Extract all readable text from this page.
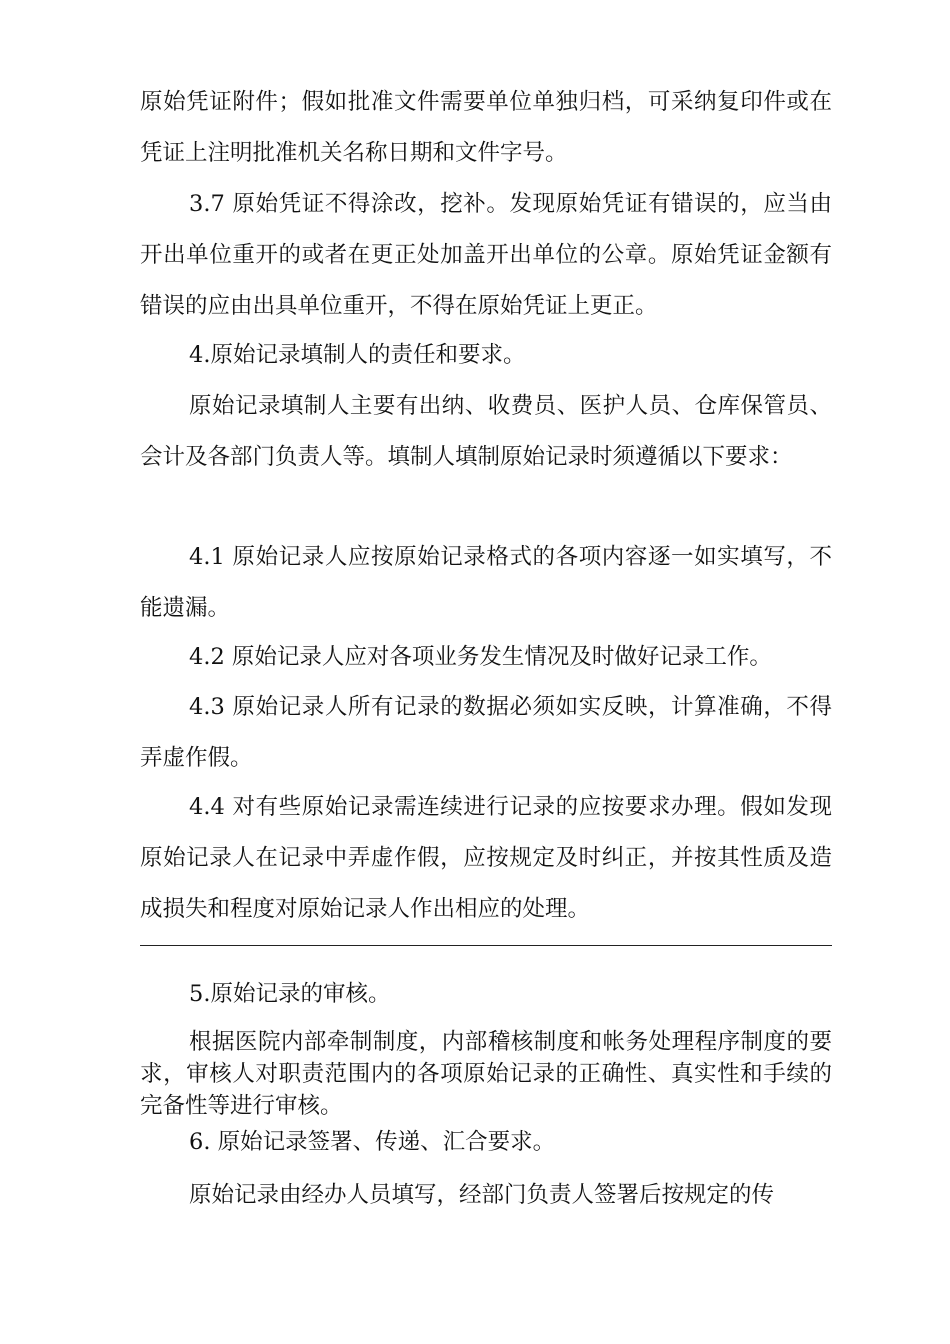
原始凭证附件；假如批准文件需要单位单独归档，可采纳复印件或在凭证上注明批准机关名称日期和文件字号。

3.7 原始凭证不得涂改，挖补。发现原始凭证有错误的，应当由开出单位重开的或者在更正处加盖开出单位的公章。原始凭证金额有错误的应由出具单位重开，不得在原始凭证上更正。

4.原始记录填制人的责任和要求。

原始记录填制人主要有出纳、收费员、医护人员、仓库保管员、会计及各部门负责人等。填制人填制原始记录时须遵循以下要求：

4.1 原始记录人应按原始记录格式的各项内容逐一如实填写，不能遗漏。

4.2 原始记录人应对各项业务发生情况及时做好记录工作。

4.3 原始记录人所有记录的数据必须如实反映，计算准确，不得弄虚作假。

4.4 对有些原始记录需连续进行记录的应按要求办理。假如发现原始记录人在记录中弄虚作假，应按规定及时纠正，并按其性质及造成损失和程度对原始记录人作出相应的处理。

5.原始记录的审核。

根据医院内部牵制制度，内部稽核制度和帐务处理程序制度的要求，审核人对职责范围内的各项原始记录的正确性、真实性和手续的完备性等进行审核。

6. 原始记录签署、传递、汇合要求。

原始记录由经办人员填写，经部门负责人签署后按规定的传
